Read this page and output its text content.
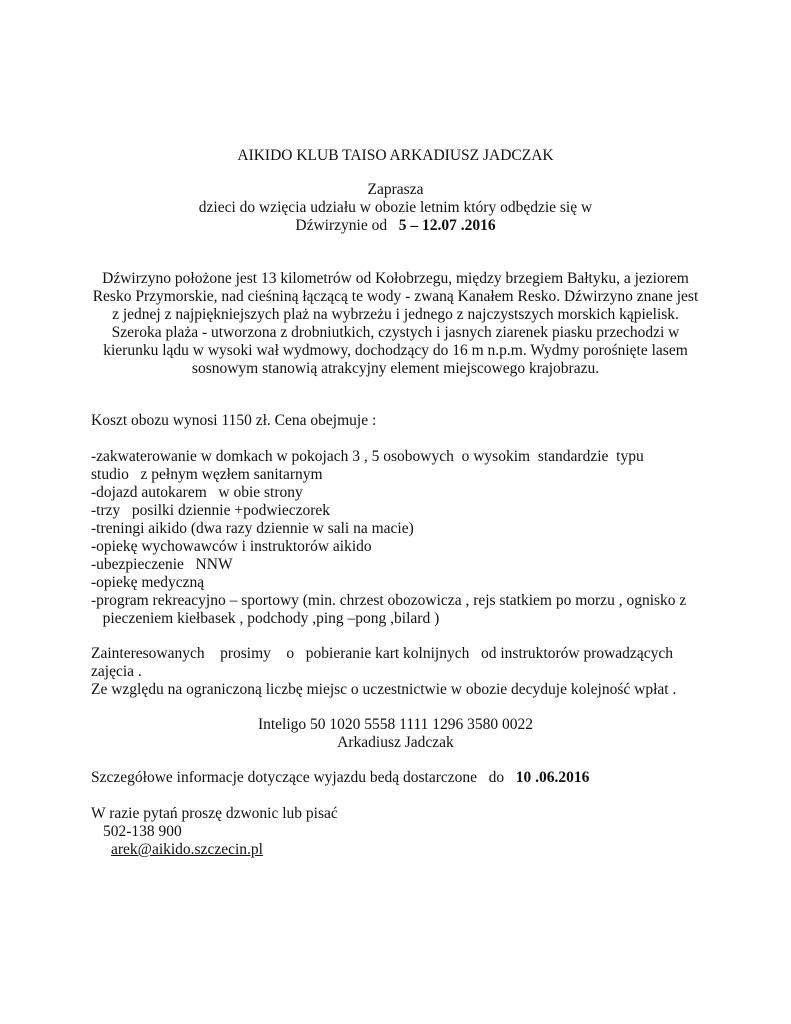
AIKIDO KLUB TAISO ARKADIUSZ JADCZAK
Zaprasza
dzieci do wzięcia udziału w obozie letnim który odbędzie się w
Dźwirzynie od   5 – 12.07 .2016
Dźwirzyno położone jest 13 kilometrów od Kołobrzegu, między brzegiem Bałtyku, a jeziorem
Resko Przymorskie, nad cieśniną łączącą te wody - zwaną Kanałem Resko. Dźwirzyno znane jest
z jednej z najpiękniejszych plaż na wybrzeżu i jednego z najczystszych morskich kąpielisk.
Szeroka plaża - utworzona z drobniutkich, czystych i jasnych ziarenek piasku przechodzi w
kierunku lądu w wysoki wał wydmowy, dochodzący do 16 m n.p.m. Wydmy porośnięte lasem
sosnowym stanowią atrakcyjny element miejscowego krajobrazu.
Koszt obozu wynosi 1150 zł. Cena obejmuje :
-zakwaterowanie w domkach w pokojach 3 , 5 osobowych  o wysokim  standardzie  typu
studio   z pełnym węzłem sanitarnym
-dojazd autokarem   w obie strony
-trzy   posilki dziennie +podwieczorek
-treningi aikido (dwa razy dziennie w sali na macie)
-opiekę wychowawców i instruktorów aikido
-ubezpieczenie   NNW
-opiekę medyczną
-program rekreacyjno – sportowy (min. chrzest obozowicza , rejs statkiem po morzu , ognisko z
pieczeniem kiełbasek , podchody ,ping –pong ,bilard )
Zainteresowanych    prosimy    o   pobieranie kart kolnijnych   od instruktorów prowadzących
zajęcia .
Ze względu na ograniczoną liczbę miejsc o uczestnictwie w obozie decyduje kolejność wpłat .
Inteligo 50 1020 5558 1111 1296 3580 0022
Arkadiusz Jadczak
Szczegółowe informacje dotyczące wyjazdu bedą dostarczone   do   10 .06.2016
W razie pytań proszę dzwonic lub pisać
502-138 900
arek@aikido.szczecin.pl
